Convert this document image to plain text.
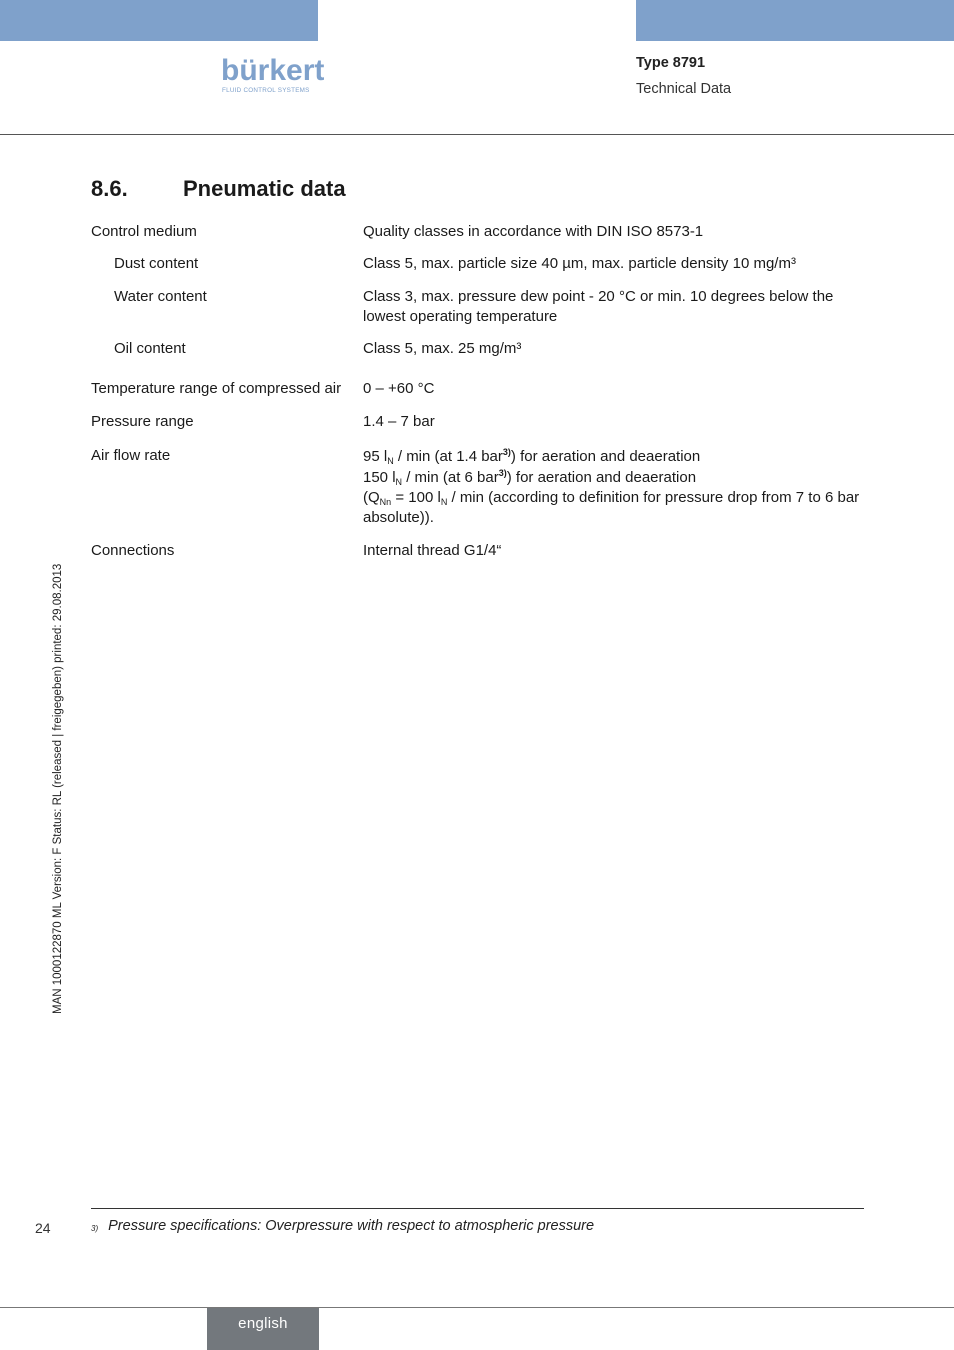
bürkert
FLUID CONTROL SYSTEMS
Type 8791
Technical Data
8.6.	Pneumatic data
Control medium	Quality classes in accordance with DIN ISO 8573-1
Dust content	Class 5, max. particle size 40 µm, max. particle density 10 mg/m³
Water content	Class 3, max. pressure dew point - 20 °C or min. 10 degrees below the lowest operating temperature
Oil content	Class 5, max. 25 mg/m³
Temperature range of compressed air	0 – +60 °C
Pressure range	1.4 – 7 bar
Air flow rate	95 $l_N$ / min (at 1.4 bar$^{3)}$) for aeration and deaeration
150 $l_N$ / min (at 6 bar$^{3)}$) for aeration and deaeration
($Q_{Nn} = 100$ $l_N$ / min (according to definition for pressure drop from 7 to 6 bar absolute)).
Connections	Internal thread G1/4“
MAN 1000122870 ML Version: F Status: RL (released | freigegeben) printed: 29.08.2013
24	3) Pressure specifications: Overpressure with respect to atmospheric pressure
english
